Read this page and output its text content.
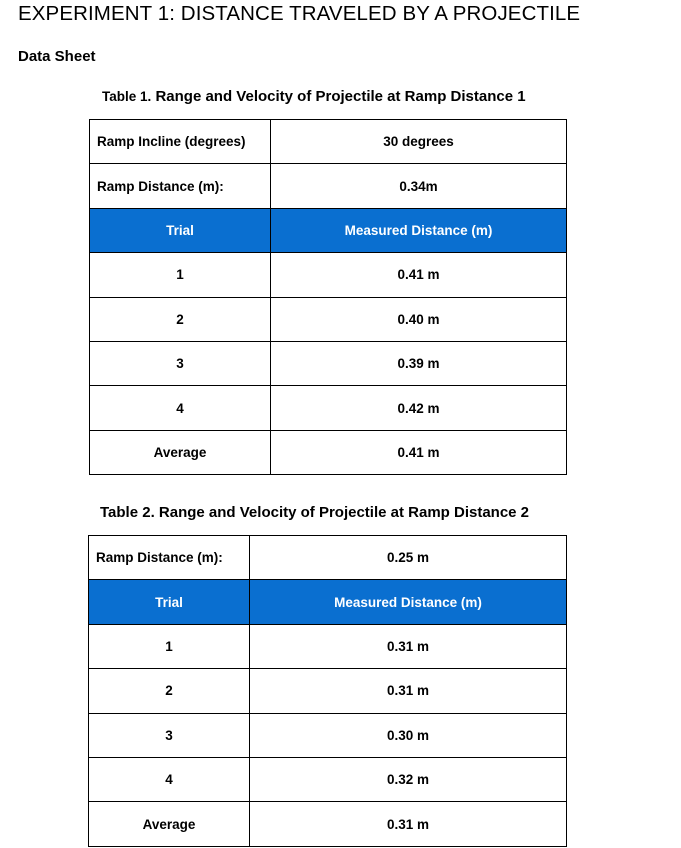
EXPERIMENT 1: DISTANCE TRAVELED BY A PROJECTILE
Data Sheet
Table 1. Range and Velocity of Projectile at Ramp Distance 1
Ramp Incline (degrees)	30 degrees
Ramp Distance (m):	0.34m
Trial	Measured Distance (m)
1	0.41 m
2	0.40 m
3	0.39 m
4	0.42 m
Average	0.41 m
Table 2. Range and Velocity of Projectile at Ramp Distance 2
Ramp Distance (m):	0.25 m
Trial	Measured Distance (m)
1	0.31 m
2	0.31 m
3	0.30 m
4	0.32 m
Average	0.31 m
